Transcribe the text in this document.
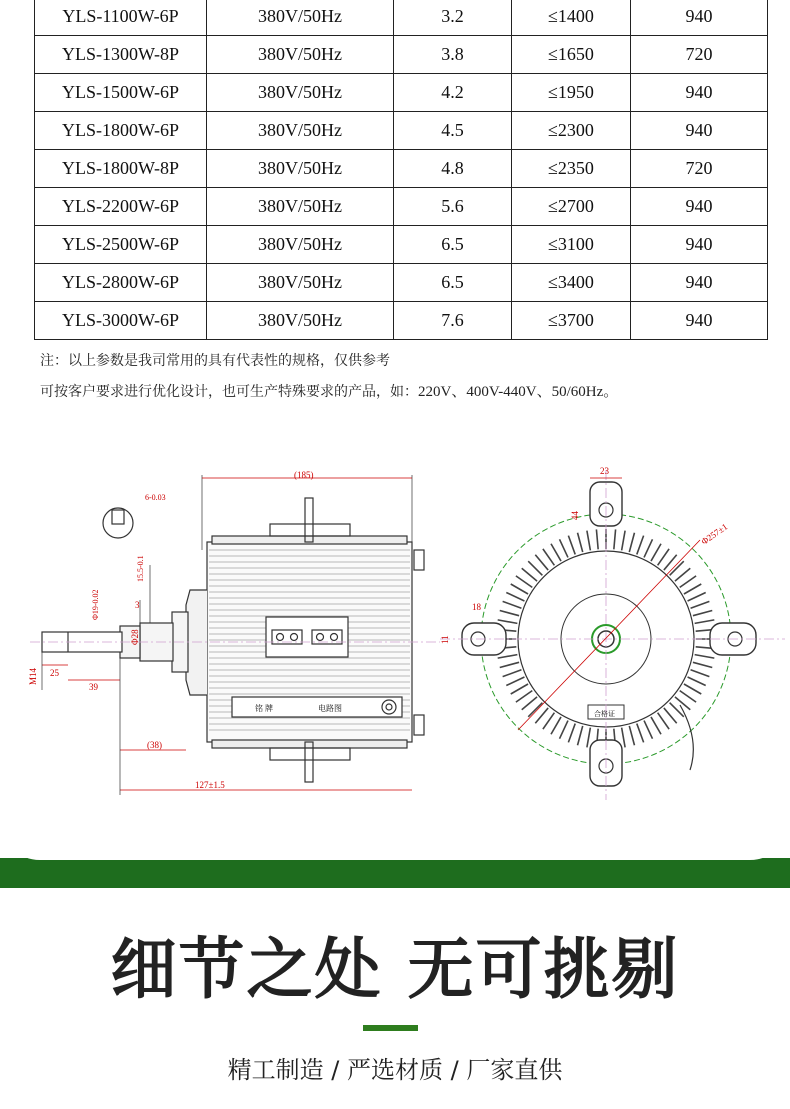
YLS-1100W-6P	380V/50Hz	3.2	≤1400	940
YLS-1300W-8P	380V/50Hz	3.8	≤1650	720
YLS-1500W-6P	380V/50Hz	4.2	≤1950	940
YLS-1800W-6P	380V/50Hz	4.5	≤2300	940
YLS-1800W-8P	380V/50Hz	4.8	≤2350	720
YLS-2200W-6P	380V/50Hz	5.6	≤2700	940
YLS-2500W-6P	380V/50Hz	6.5	≤3100	940
YLS-2800W-6P	380V/50Hz	6.5	≤3400	940
YLS-3000W-6P	380V/50Hz	7.6	≤3700	940
注：以上参数是我司常用的具有代表性的规格，仅供参考
可按客户要求进行优化设计，也可生产特殊要求的产品，如：220V、400V-440V、50/60Hz。
(185)
(38)
127±1.5
25
39
M14
3
Φ28
Φ19-0.02
15.5-0.1
6-0.03
铭 牌	电路图
23
44
18
11
Φ257±1
合格证
细节之处 无可挑剔
精工制造 / 严选材质 / 厂家直供
